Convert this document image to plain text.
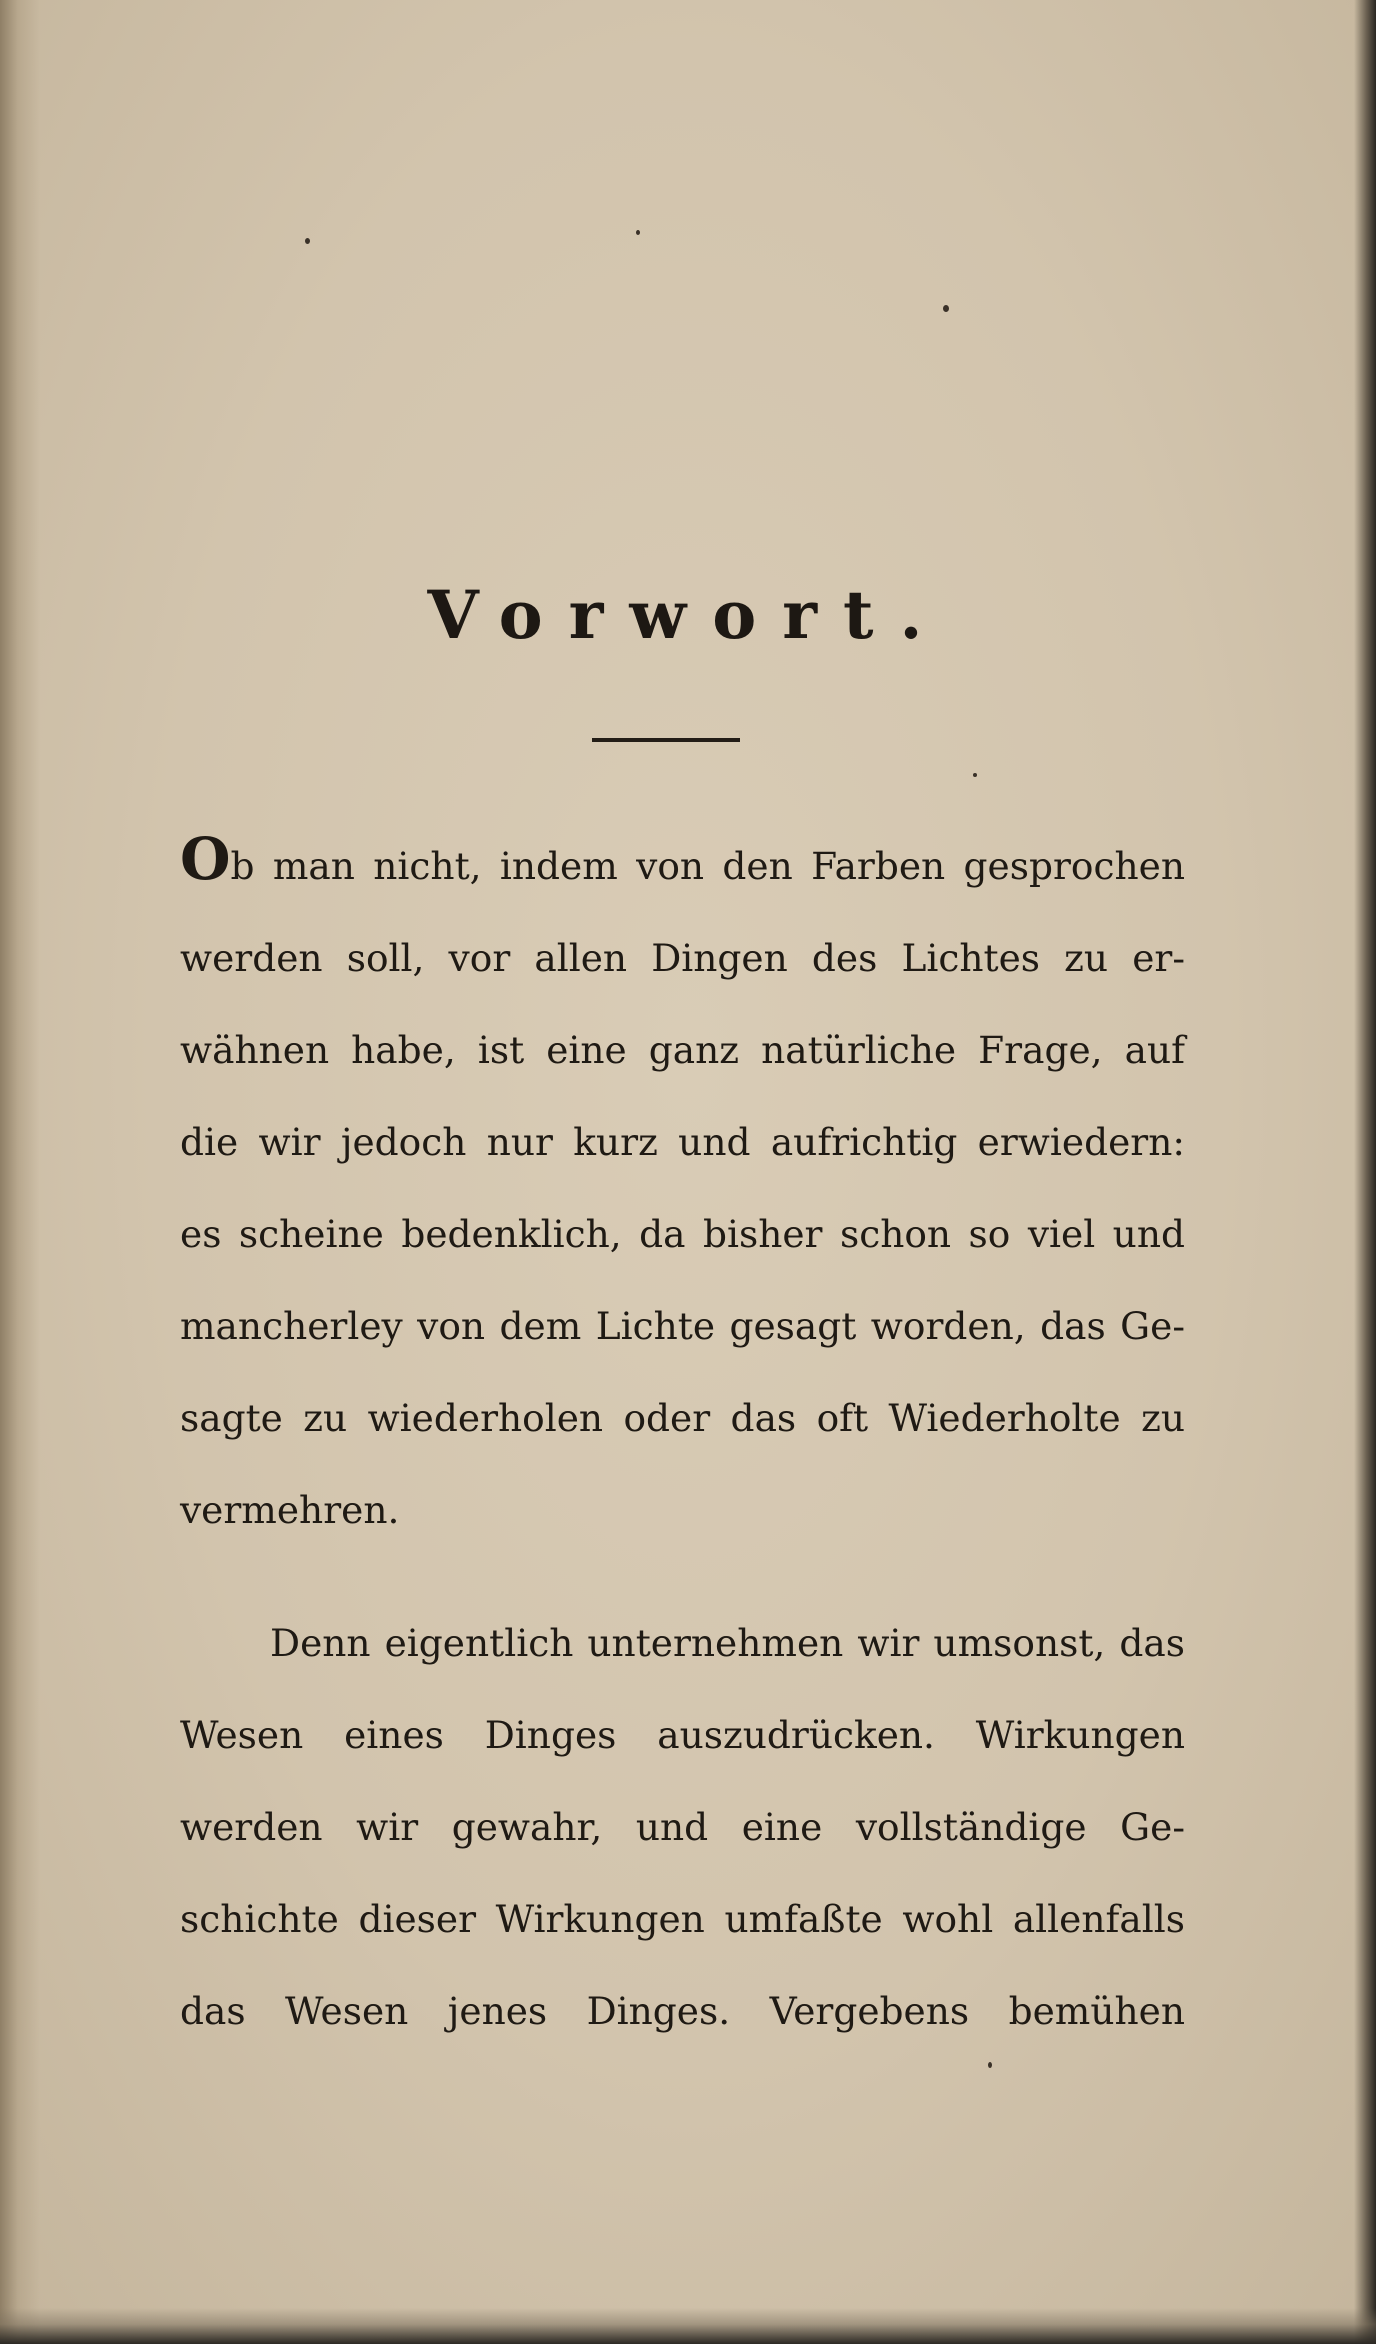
Vorwort.
Ob man nicht, indem von den Farben gesprochen
werden soll, vor allen Dingen des Lichtes zu er-
wähnen habe, ist eine ganz natürliche Frage, auf
die wir jedoch nur kurz und aufrichtig erwiedern:
es scheine bedenklich, da bisher schon so viel und
mancherley von dem Lichte gesagt worden, das Ge-
sagte zu wiederholen oder das oft Wiederholte zu
vermehren.
Denn eigentlich unternehmen wir umsonst, das
Wesen eines Dinges auszudrücken. Wirkungen
werden wir gewahr, und eine vollständige Ge-
schichte dieser Wirkungen umfaßte wohl allenfalls
das Wesen jenes Dinges. Vergebens bemühen
